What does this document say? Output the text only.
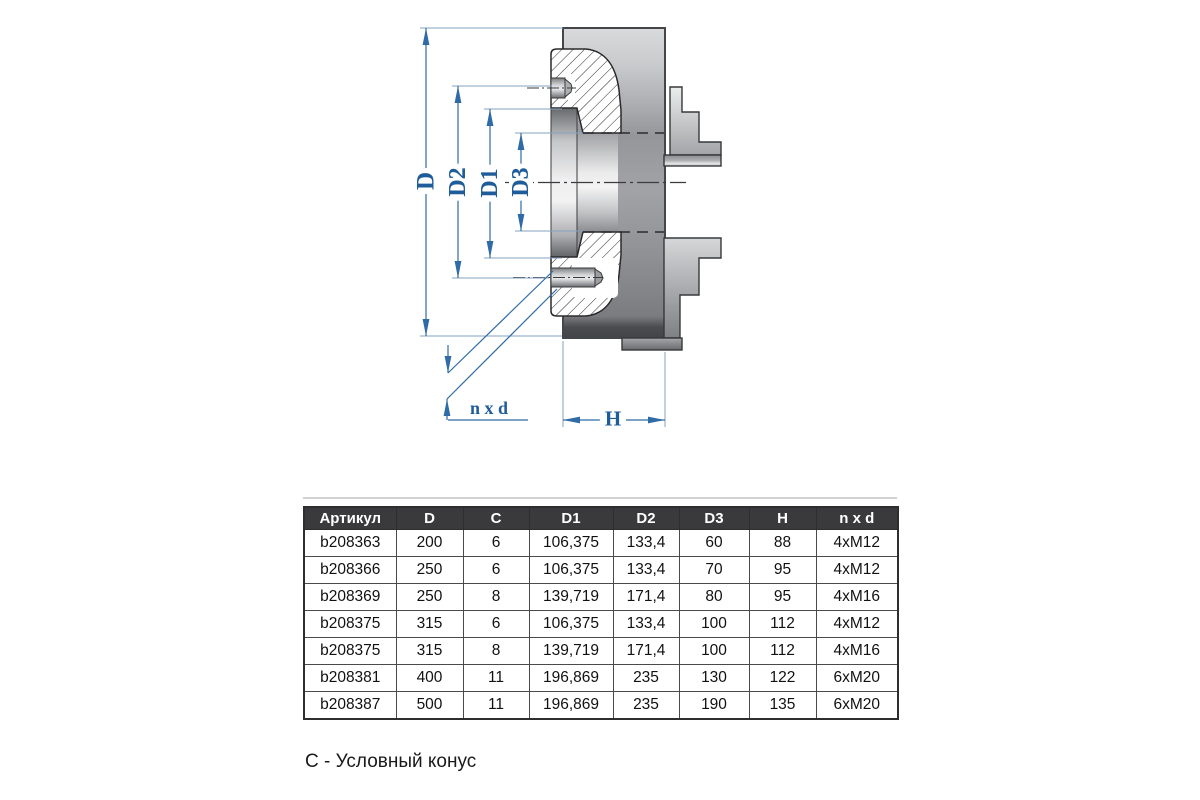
D D2 D1 D3
H
n x d
Артикул	D	C	D1	D2	D3	H	n x d
b208363	200	6	106,375	133,4	60	88	4xM12
b208366	250	6	106,375	133,4	70	95	4xM12
b208369	250	8	139,719	171,4	80	95	4xM16
b208375	315	6	106,375	133,4	100	112	4xM12
b208375	315	8	139,719	171,4	100	112	4xM16
b208381	400	11	196,869	235	130	122	6xM20
b208387	500	11	196,869	235	190	135	6xM20
С - Условный конус
